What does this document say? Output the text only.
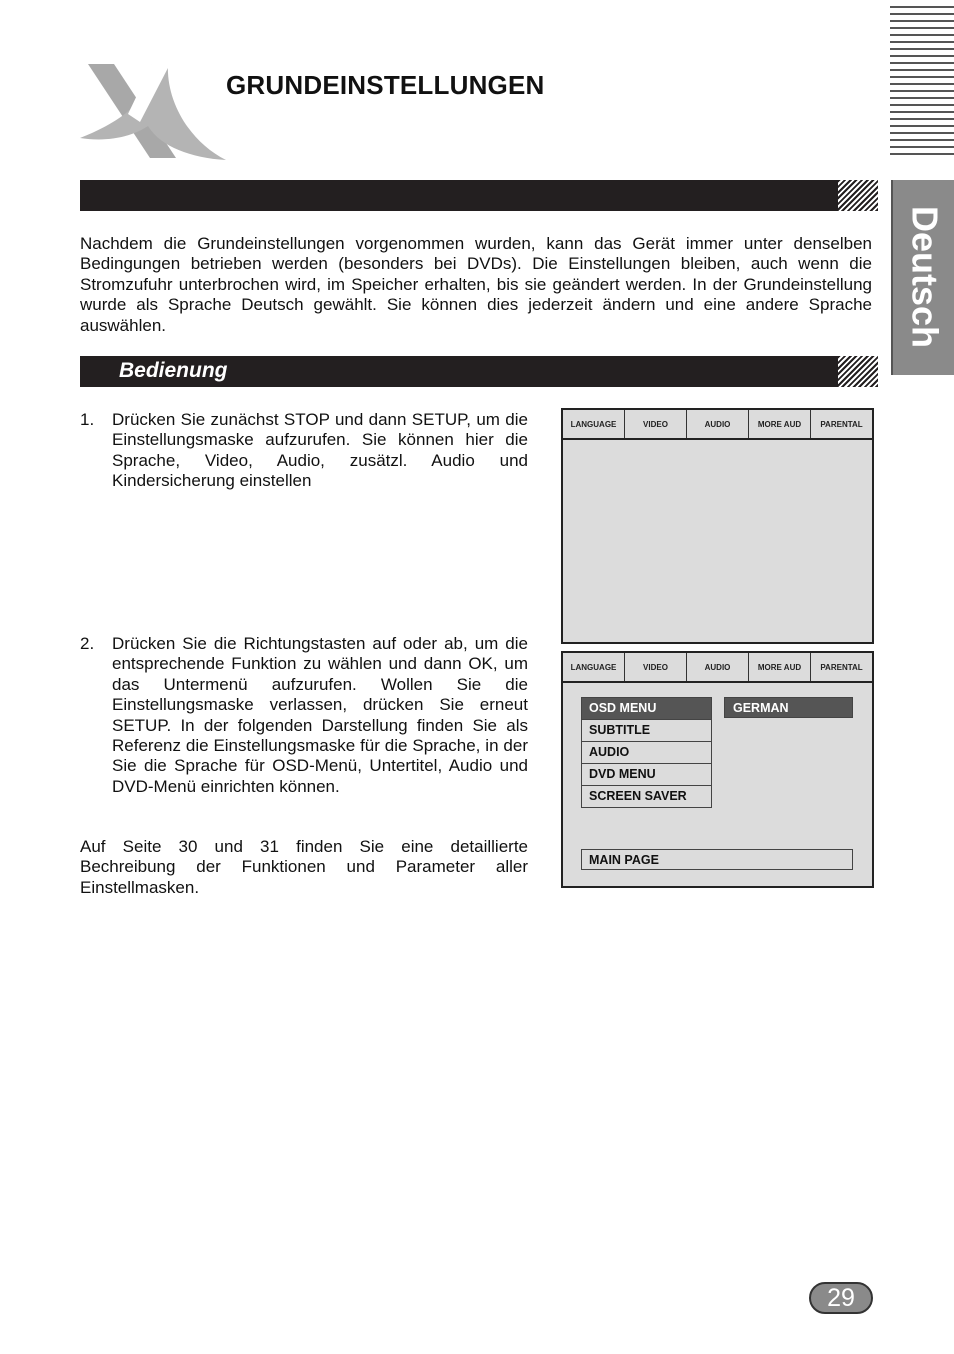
GRUNDEINSTELLUNGEN
Deutsch
Nachdem die Grundeinstellungen vorgenommen wurden, kann das Gerät immer unter denselben Bedingungen betrieben werden (besonders bei DVDs). Die Einstellungen bleiben, auch wenn die Stromzufuhr unterbrochen wird, im Speicher erhalten, bis sie geändert werden. In der Grundeinstellung wurde als Sprache Deutsch gewählt. Sie können dies jederzeit ändern und eine andere Sprache auswählen.
Bedienung
1. Drücken Sie zunächst STOP und dann SETUP, um die Einstellungsmaske aufzurufen. Sie können hier die Sprache, Video, Audio, zusätzl. Audio und Kindersicherung einstellen
2. Drücken Sie die Richtungstasten auf oder ab, um die entsprechende Funktion zu wählen und dann OK, um das Untermenü aufzurufen. Wollen Sie die Einstellungsmaske verlassen, drücken Sie erneut SETUP. In der folgenden Darstellung finden Sie als Referenz die Einstellungsmaske für die Sprache, in der Sie die Sprache für OSD-Menü, Untertitel, Audio und DVD-Menü einrichten können.
Auf Seite 30 und 31 finden Sie eine detaillierte Bechreibung der Funktionen und Parameter aller Einstellmasken.
LANGUAGE	VIDEO	AUDIO	MORE AUD	PARENTAL
LANGUAGE	VIDEO	AUDIO	MORE AUD	PARENTAL
OSD MENU
SUBTITLE
AUDIO
DVD MENU
SCREEN SAVER
GERMAN
MAIN PAGE
29
